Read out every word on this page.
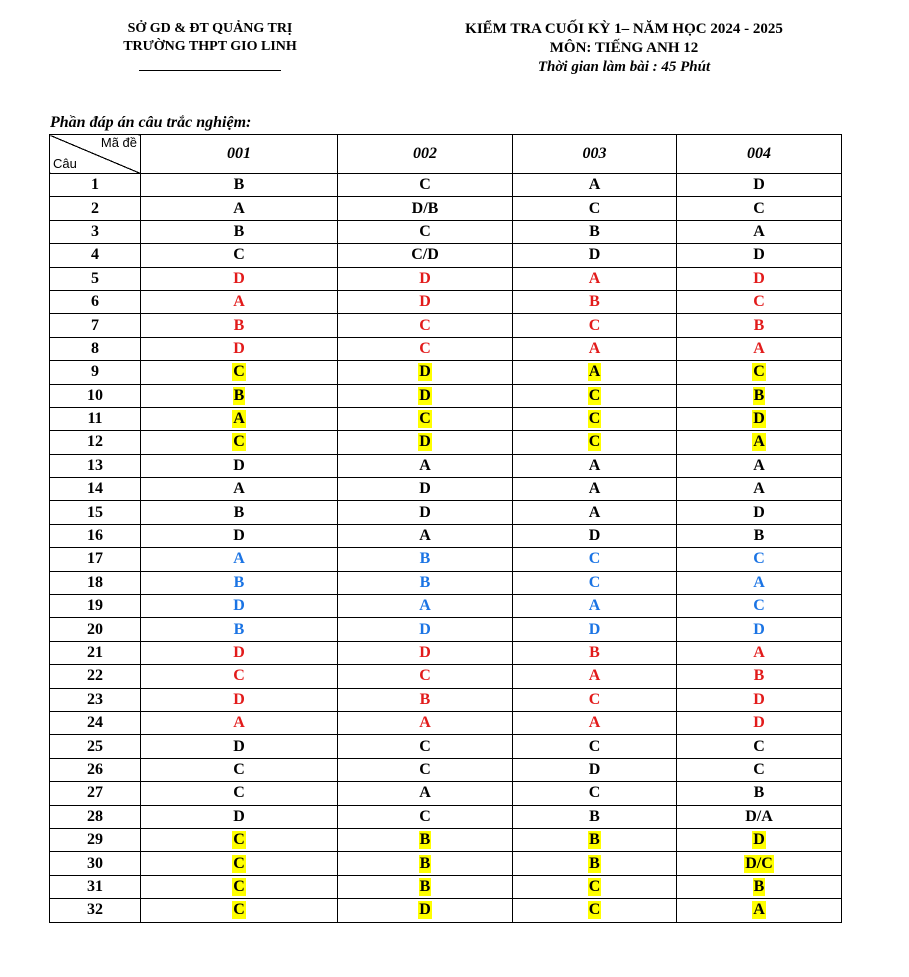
SỞ GD & ĐT QUẢNG TRỊ
TRƯỜNG THPT GIO LINH
KIỂM TRA CUỐI KỲ 1– NĂM HỌC 2024 - 2025
MÔN: TIẾNG ANH 12
Thời gian làm bài : 45 Phút
Phần đáp án câu trắc nghiệm:
Mã đề
Câu	001	002	003	004
1	B	C	A	D
2	A	D/B	C	C
3	B	C	B	A
4	C	C/D	D	D
5	D	D	A	D
6	A	D	B	C
7	B	C	C	B
8	D	C	A	A
9	C	D	A	C
10	B	D	C	B
11	A	C	C	D
12	C	D	C	A
13	D	A	A	A
14	A	D	A	A
15	B	D	A	D
16	D	A	D	B
17	A	B	C	C
18	B	B	C	A
19	D	A	A	C
20	B	D	D	D
21	D	D	B	A
22	C	C	A	B
23	D	B	C	D
24	A	A	A	D
25	D	C	C	C
26	C	C	D	C
27	C	A	C	B
28	D	C	B	D/A
29	C	B	B	D
30	C	B	B	D/C
31	C	B	C	B
32	C	D	C	A
